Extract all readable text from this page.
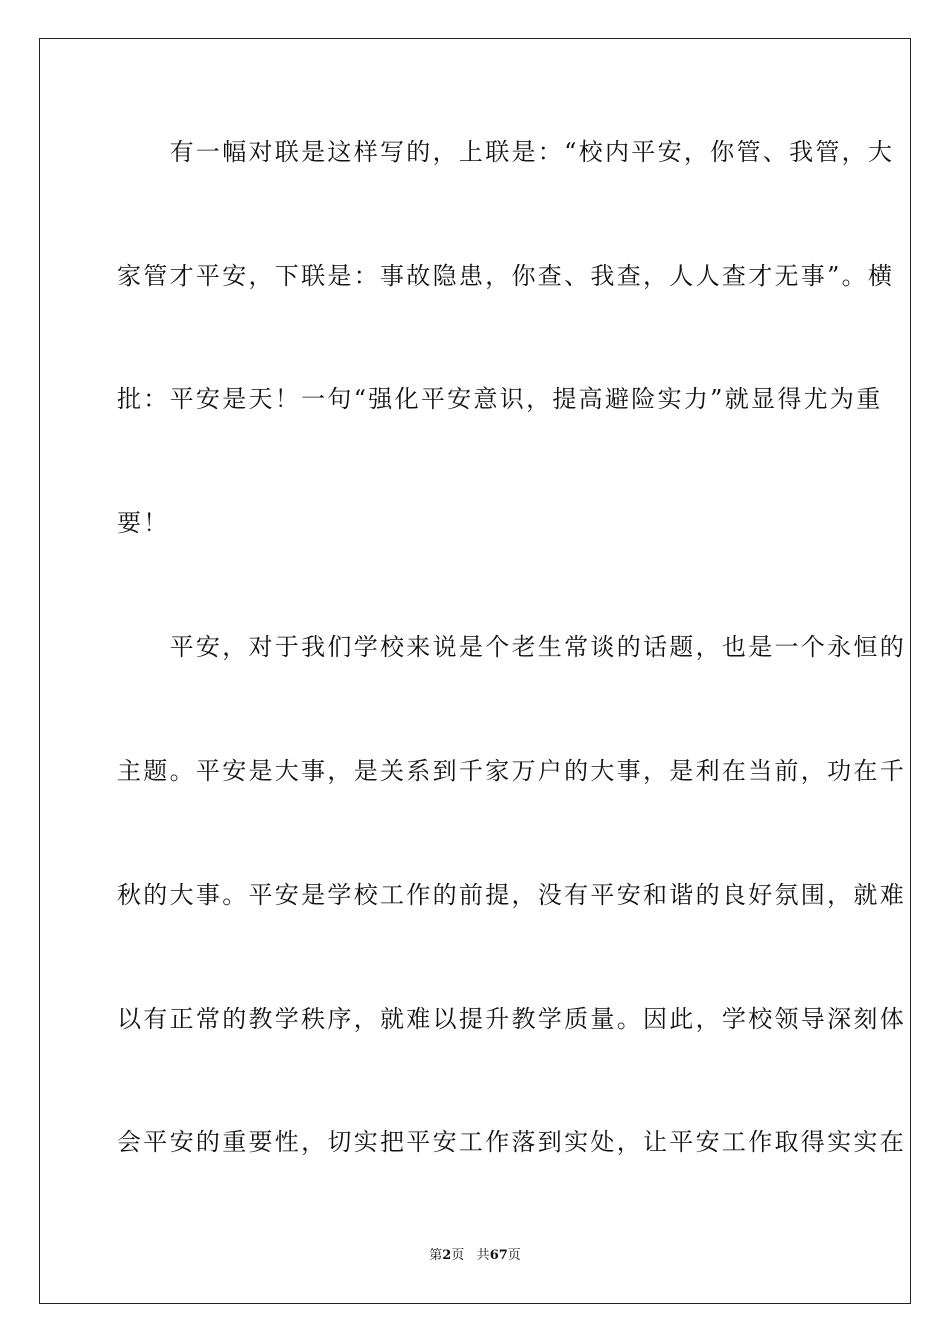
　　有一幅对联是这样写的，上联是：“校内平安，你管、我管，大
家管才平安，下联是：事故隐患，你查、我查，人人查才无事”。横
批：平安是天！一句“强化平安意识，提高避险实力”就显得尤为重
要！
　　平安，对于我们学校来说是个老生常谈的话题，也是一个永恒的
主题。平安是大事，是关系到千家万户的大事，是利在当前，功在千
秋的大事。平安是学校工作的前提，没有平安和谐的良好氛围，就难
以有正常的教学秩序，就难以提升教学质量。因此，学校领导深刻体
会平安的重要性，切实把平安工作落到实处，让平安工作取得实实在
第2页 共67页
